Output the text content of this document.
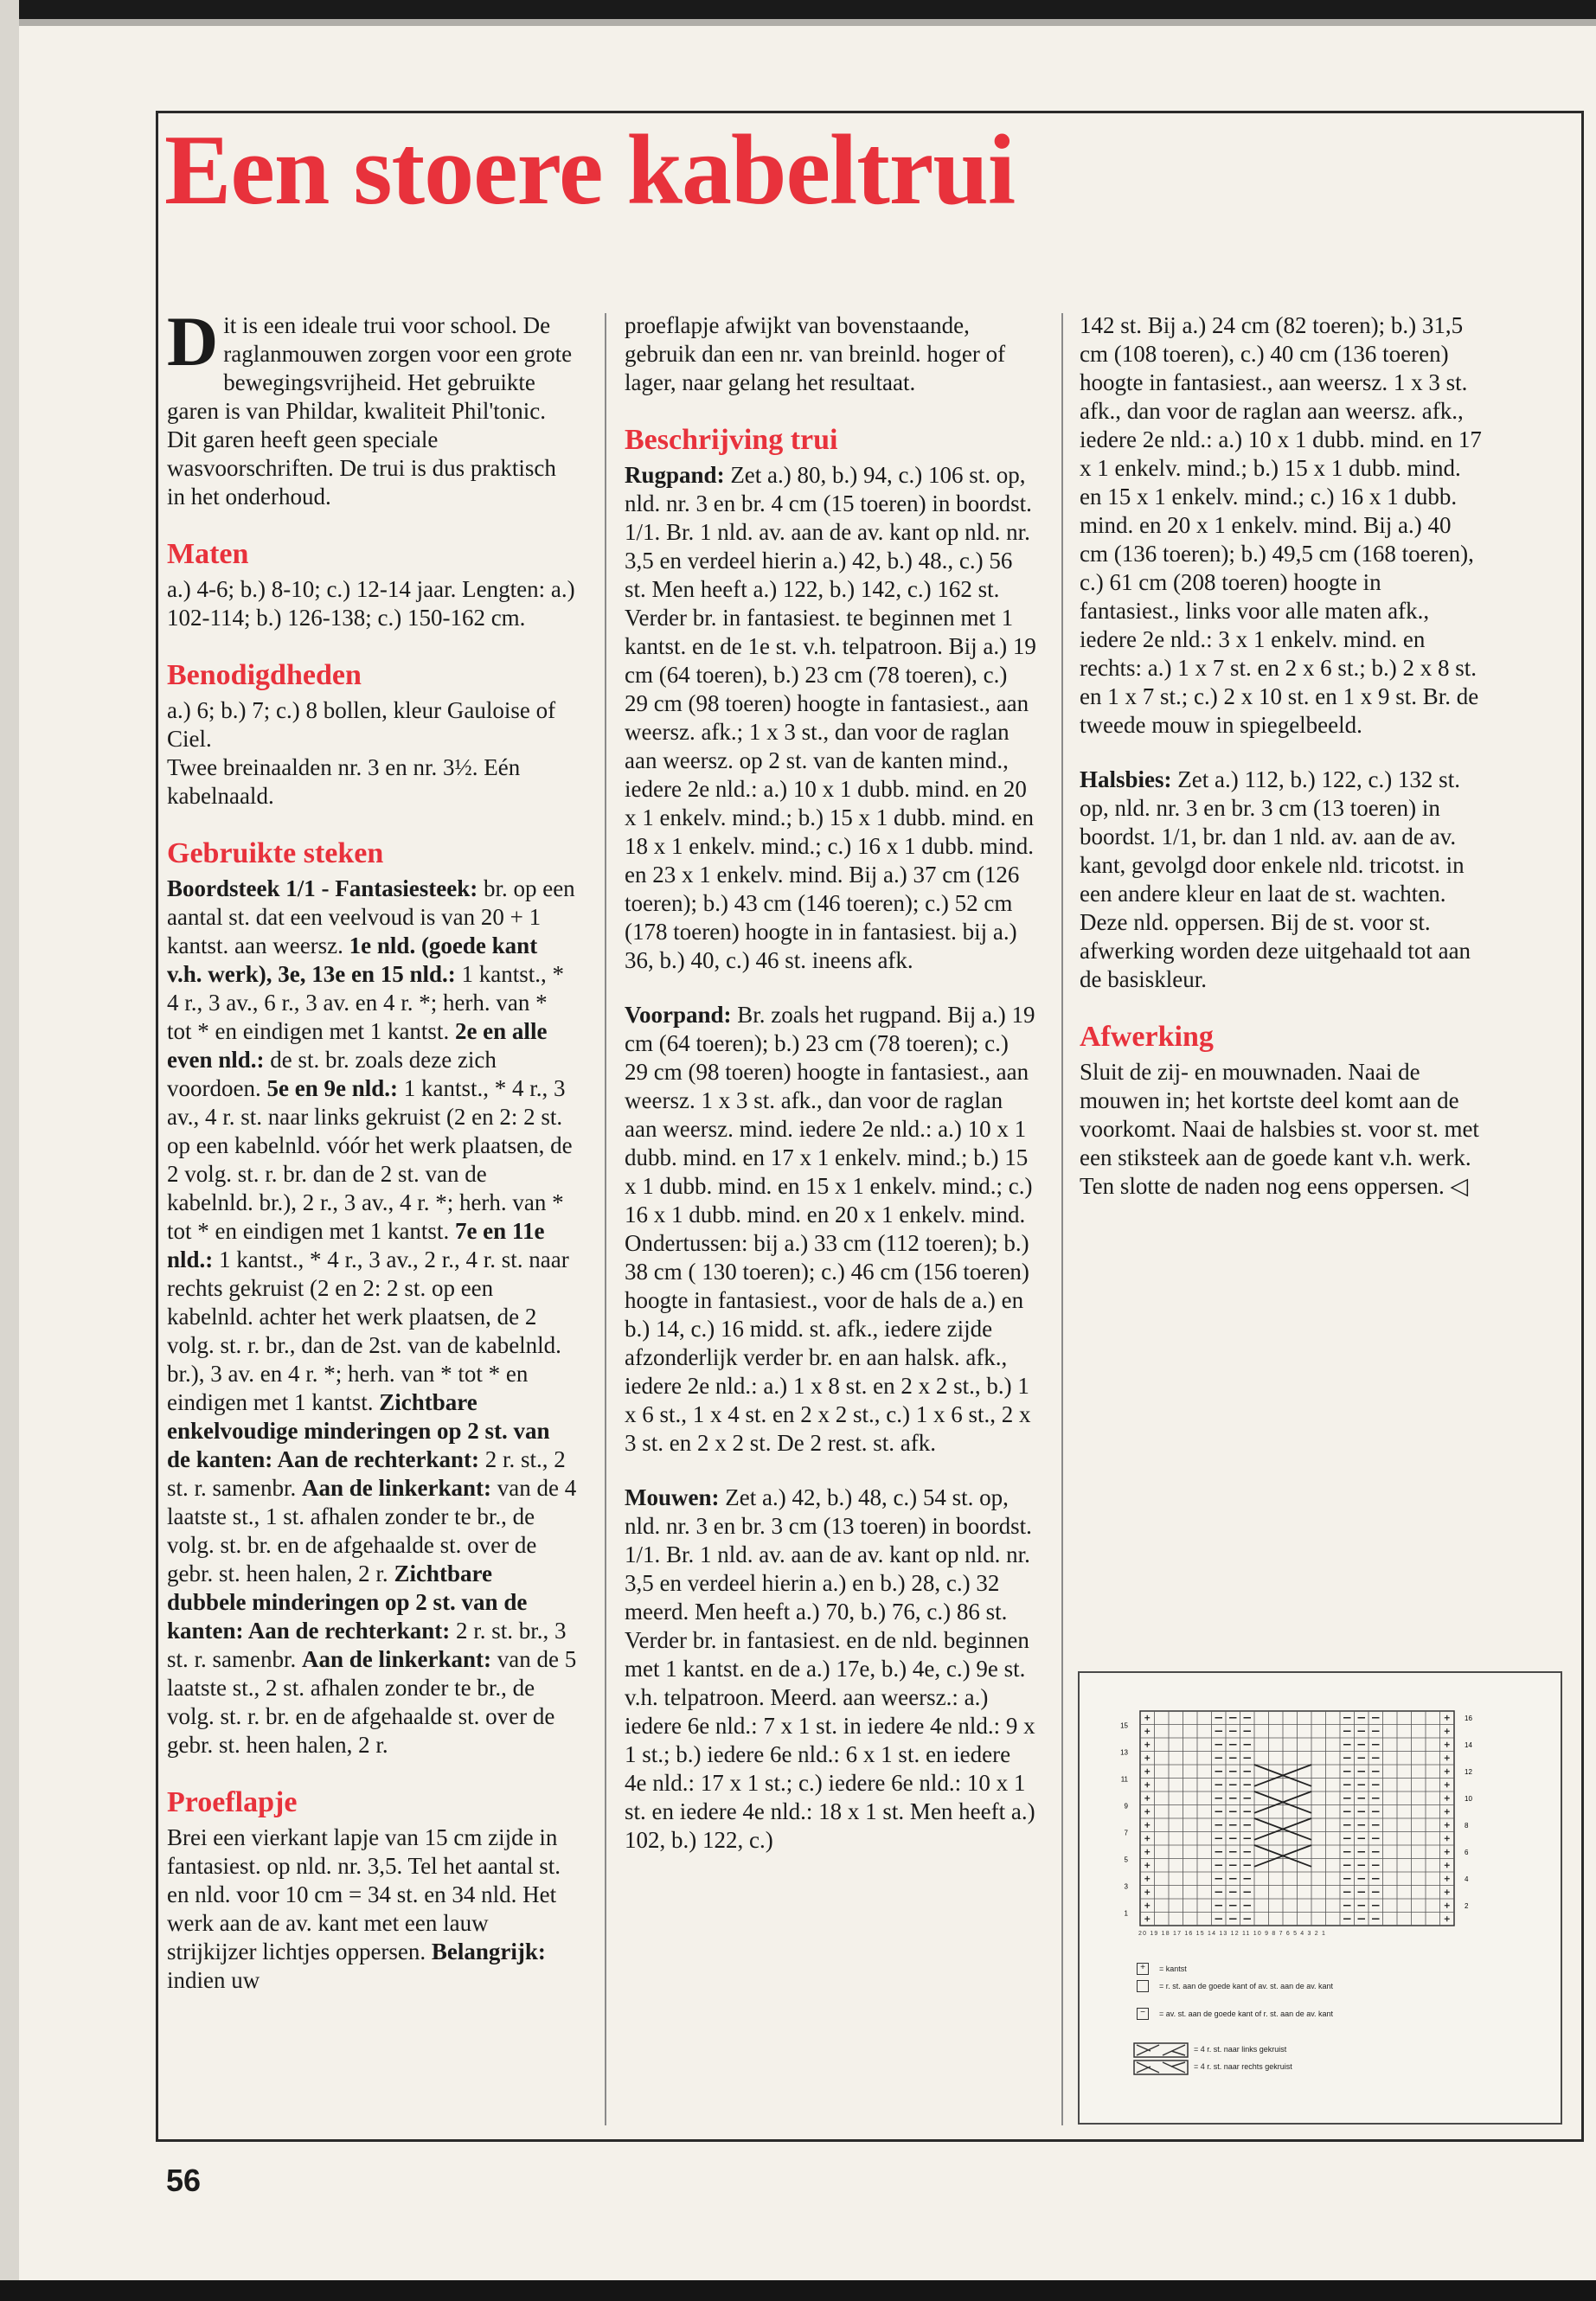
Een stoere kabeltrui

Dit is een ideale trui voor school. De raglanmouwen zorgen voor een grote bewegingsvrijheid. Het gebruikte garen is van Phildar, kwaliteit Phil'tonic. Dit garen heeft geen speciale wasvoorschriften. De trui is dus praktisch in het onderhoud.

Maten

a.) 4-6; b.) 8-10; c.) 12-14 jaar. Lengten: a.) 102-114; b.) 126-138; c.) 150-162 cm.

Benodigdheden

a.) 6; b.) 7; c.) 8 bollen, kleur Gauloise of Ciel.
Twee breinaalden nr. 3 en nr. 3½. Eén kabelnaald.

Gebruikte steken

Boordsteek 1/1 - Fantasiesteek: br. op een aantal st. dat een veelvoud is van 20 + 1 kantst. aan weersz. 1e nld. (goede kant v.h. werk), 3e, 13e en 15 nld.: 1 kantst., * 4 r., 3 av., 6 r., 3 av. en 4 r. *; herh. van * tot * en eindigen met 1 kantst. 2e en alle even nld.: de st. br. zoals deze zich voordoen. 5e en 9e nld.: 1 kantst., * 4 r., 3 av., 4 r. st. naar links gekruist (2 en 2: 2 st. op een kabelnld. vóór het werk plaatsen, de 2 volg. st. r. br. dan de 2 st. van de kabelnld. br.), 2 r., 3 av., 4 r. *; herh. van * tot * en eindigen met 1 kantst. 7e en 11e nld.: 1 kantst., * 4 r., 3 av., 2 r., 4 r. st. naar rechts gekruist (2 en 2: 2 st. op een kabelnld. achter het werk plaatsen, de 2 volg. st. r. br., dan de 2st. van de kabelnld. br.), 3 av. en 4 r. *; herh. van * tot * en eindigen met 1 kantst. Zichtbare enkelvoudige minderingen op 2 st. van de kanten: Aan de rechterkant: 2 r. st., 2 st. r. samenbr. Aan de linkerkant: van de 4 laatste st., 1 st. afhalen zonder te br., de volg. st. br. en de afgehaalde st. over de gebr. st. heen halen, 2 r. Zichtbare dubbele minderingen op 2 st. van de kanten: Aan de rechterkant: 2 r. st. br., 3 st. r. samenbr. Aan de linkerkant: van de 5 laatste st., 2 st. afhalen zonder te br., de volg. st. r. br. en de afgehaalde st. over de gebr. st. heen halen, 2 r.

Proeflapje

Brei een vierkant lapje van 15 cm zijde in fantasiest. op nld. nr. 3,5. Tel het aantal st. en nld. voor 10 cm = 34 st. en 34 nld. Het werk aan de av. kant met een lauw strijkijzer lichtjes oppersen. Belangrijk: indien uw

proeflapje afwijkt van bovenstaande, gebruik dan een nr. van breinld. hoger of lager, naar gelang het resultaat.

Beschrijving trui

Rugpand: Zet a.) 80, b.) 94, c.) 106 st. op, nld. nr. 3 en br. 4 cm (15 toeren) in boordst. 1/1. Br. 1 nld. av. aan de av. kant op nld. nr. 3,5 en verdeel hierin a.) 42, b.) 48., c.) 56 st. Men heeft a.) 122, b.) 142, c.) 162 st. Verder br. in fantasiest. te beginnen met 1 kantst. en de 1e st. v.h. telpatroon. Bij a.) 19 cm (64 toeren), b.) 23 cm (78 toeren), c.) 29 cm (98 toeren) hoogte in fantasiest., aan weersz. afk.; 1 x 3 st., dan voor de raglan aan weersz. op 2 st. van de kanten mind., iedere 2e nld.: a.) 10 x 1 dubb. mind. en 20 x 1 enkelv. mind.; b.) 15 x 1 dubb. mind. en 18 x 1 enkelv. mind.; c.) 16 x 1 dubb. mind. en 23 x 1 enkelv. mind. Bij a.) 37 cm (126 toeren); b.) 43 cm (146 toeren); c.) 52 cm (178 toeren) hoogte in in fantasiest. bij a.) 36, b.) 40, c.) 46 st. ineens afk.

Voorpand: Br. zoals het rugpand. Bij a.) 19 cm (64 toeren); b.) 23 cm (78 toeren); c.) 29 cm (98 toeren) hoogte in fantasiest., aan weersz. 1 x 3 st. afk., dan voor de raglan aan weersz. mind. iedere 2e nld.: a.) 10 x 1 dubb. mind. en 17 x 1 enkelv. mind.; b.) 15 x 1 dubb. mind. en 15 x 1 enkelv. mind.; c.) 16 x 1 dubb. mind. en 20 x 1 enkelv. mind. Ondertussen: bij a.) 33 cm (112 toeren); b.) 38 cm ( 130 toeren); c.) 46 cm (156 toeren) hoogte in fantasiest., voor de hals de a.) en b.) 14, c.) 16 midd. st. afk., iedere zijde afzonderlijk verder br. en aan halsk. afk., iedere 2e nld.: a.) 1 x 8 st. en 2 x 2 st., b.) 1 x 6 st., 1 x 4 st. en 2 x 2 st., c.) 1 x 6 st., 2 x 3 st. en 2 x 2 st. De 2 rest. st. afk.

Mouwen: Zet a.) 42, b.) 48, c.) 54 st. op, nld. nr. 3 en br. 3 cm (13 toeren) in boordst. 1/1. Br. 1 nld. av. aan de av. kant op nld. nr. 3,5 en verdeel hierin a.) en b.) 28, c.) 32 meerd. Men heeft a.) 70, b.) 76, c.) 86 st. Verder br. in fantasiest. en de nld. beginnen met 1 kantst. en de a.) 17e, b.) 4e, c.) 9e st. v.h. telpatroon. Meerd. aan weersz.: a.) iedere 6e nld.: 7 x 1 st. in iedere 4e nld.: 9 x 1 st.; b.) iedere 6e nld.: 6 x 1 st. en iedere 4e nld.: 17 x 1 st.; c.) iedere 6e nld.: 10 x 1 st. en iedere 4e nld.: 18 x 1 st. Men heeft a.) 102, b.) 122, c.)

142 st. Bij a.) 24 cm (82 toeren); b.) 31,5 cm (108 toeren), c.) 40 cm (136 toeren) hoogte in fantasiest., aan weersz. 1 x 3 st. afk., dan voor de raglan aan weersz. afk., iedere 2e nld.: a.) 10 x 1 dubb. mind. en 17 x 1 enkelv. mind.; b.) 15 x 1 dubb. mind. en 15 x 1 enkelv. mind.; c.) 16 x 1 dubb. mind. en 20 x 1 enkelv. mind. Bij a.) 40 cm (136 toeren); b.) 49,5 cm (168 toeren), c.) 61 cm (208 toeren) hoogte in fantasiest., links voor alle maten afk., iedere 2e nld.: 3 x 1 enkelv. mind. en rechts: a.) 1 x 7 st. en 2 x 6 st.; b.) 2 x 8 st. en 1 x 7 st.; c.) 2 x 10 st. en 1 x 9 st. Br. de tweede mouw in spiegelbeeld.

Halsbies: Zet a.) 112, b.) 122, c.) 132 st. op, nld. nr. 3 en br. 3 cm (13 toeren) in boordst. 1/1, br. dan 1 nld. av. aan de av. kant, gevolgd door enkele nld. tricotst. in een andere kleur en laat de st. wachten. Deze nld. oppersen. Bij de st. voor st. afwerking worden deze uitgehaald tot aan de basiskleur.

Afwerking

Sluit de zij- en mouwnaden. Naai de mouwen in; het kortste deel komt aan de voorkomt. Naai de halsbies st. voor st. met een stiksteek aan de goede kant v.h. werk. Ten slotte de naden nog eens oppersen. ◁

15
13
11
9
7
5
3
1
16
14
12
10
8
6
4
2
20 19 18 17 16 15 14 13 12 11 10 9 8 7 6 5 4 3 2 1
+	= kantst
= r. st. aan de goede kant of av. st. aan de av. kant
−	= av. st. aan de goede kant of r. st. aan de av. kant
= 4 r. st. naar links gekruist
= 4 r. st. naar rechts gekruist
56
